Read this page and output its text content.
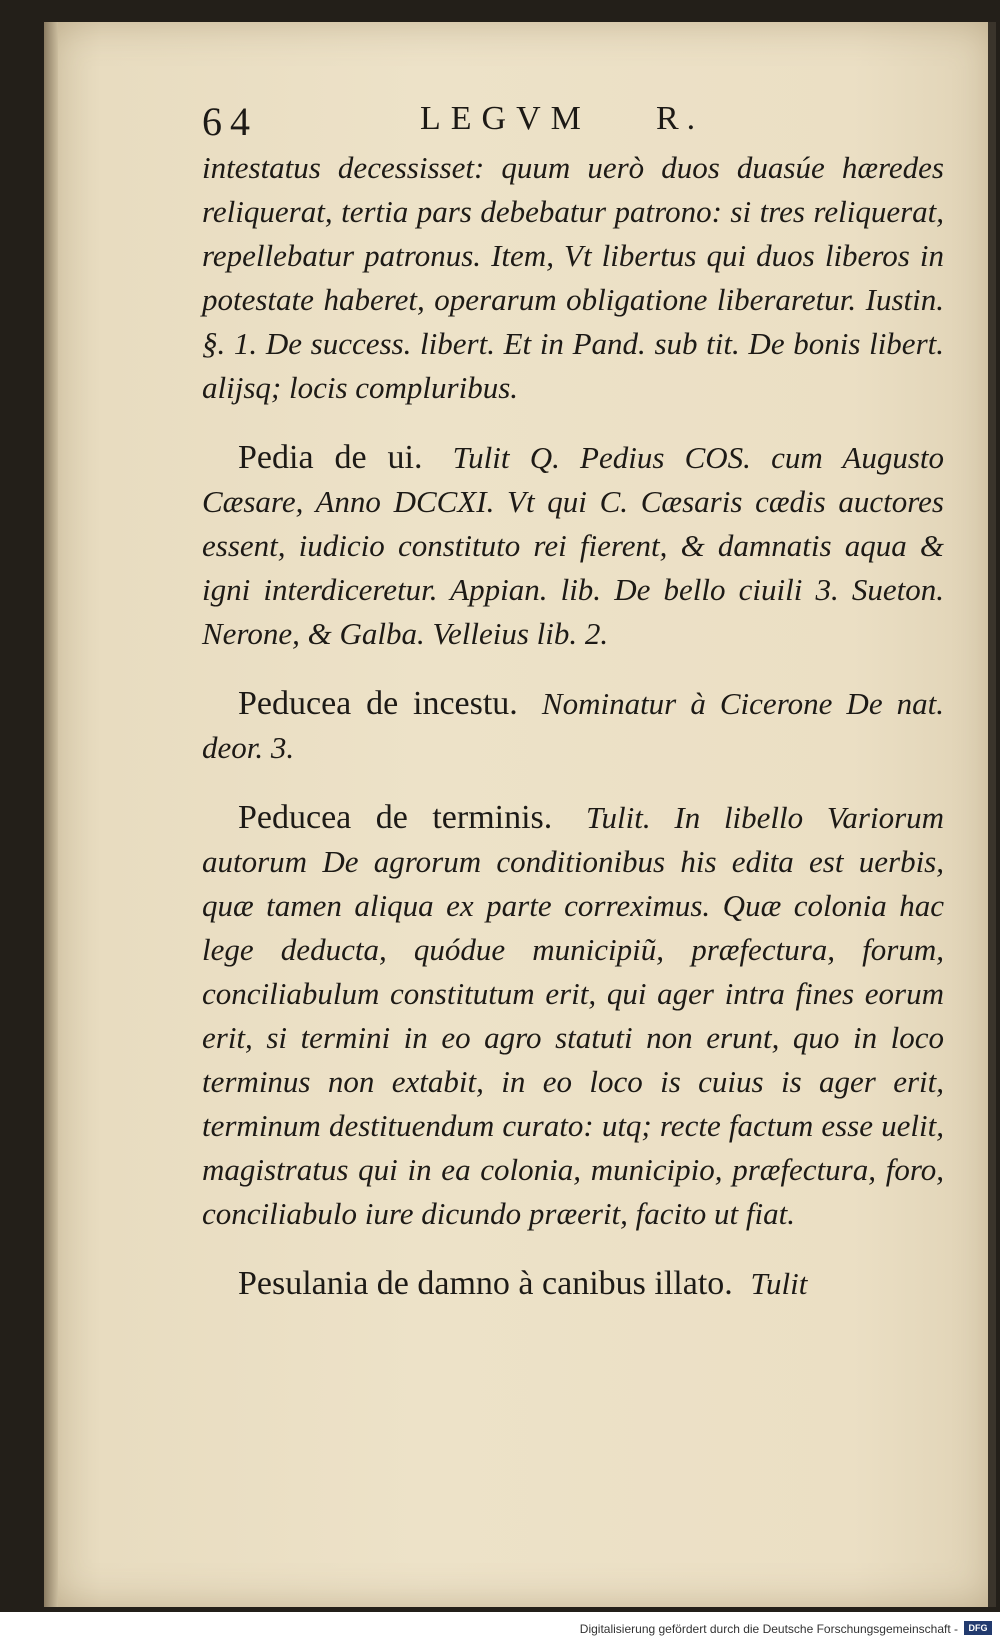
64	LEGVM R.

intestatus decessisset: quum uerò duos duasúe hæredes reliquerat, tertia pars debebatur patrono: si tres reliquerat, repellebatur patronus. Item, Vt libertus qui duos liberos in potestate haberet, operarum obligatione liberaretur. Iustin. §. 1. De success. libert. Et in Pand. sub tit. De bonis libert. alijsq; locis compluribus.

Pedia de ui. Tulit Q. Pedius COS. cum Augusto Cæsare, Anno DCCXI. Vt qui C. Cæsaris cædis auctores essent, iudicio constituto rei fierent, & damnatis aqua & igni interdiceretur. Appian. lib. De bello ciuili 3. Sueton. Nerone, & Galba. Velleius lib. 2.

Peducea de incestu. Nominatur à Cicerone De nat. deor. 3.

Peducea de terminis. Tulit. In libello Variorum autorum De agrorum conditionibus his edita est uerbis, quæ tamen aliqua ex parte correximus. Quæ colonia hac lege deducta, quódue municipiũ, præfectura, forum, conciliabulum constitutum erit, qui ager intra fines eorum erit, si termini in eo agro statuti non erunt, quo in loco terminus non extabit, in eo loco is cuius is ager erit, terminum destituendum curato: utq; recte factum esse uelit, magistratus qui in ea colonia, municipio, præfectura, foro, conciliabulo iure dicundo præerit, facito ut fiat.

Pesulania de damno à canibus illato. Tulit

Digitalisierung gefördert durch die Deutsche Forschungsgemeinschaft -	DFG
